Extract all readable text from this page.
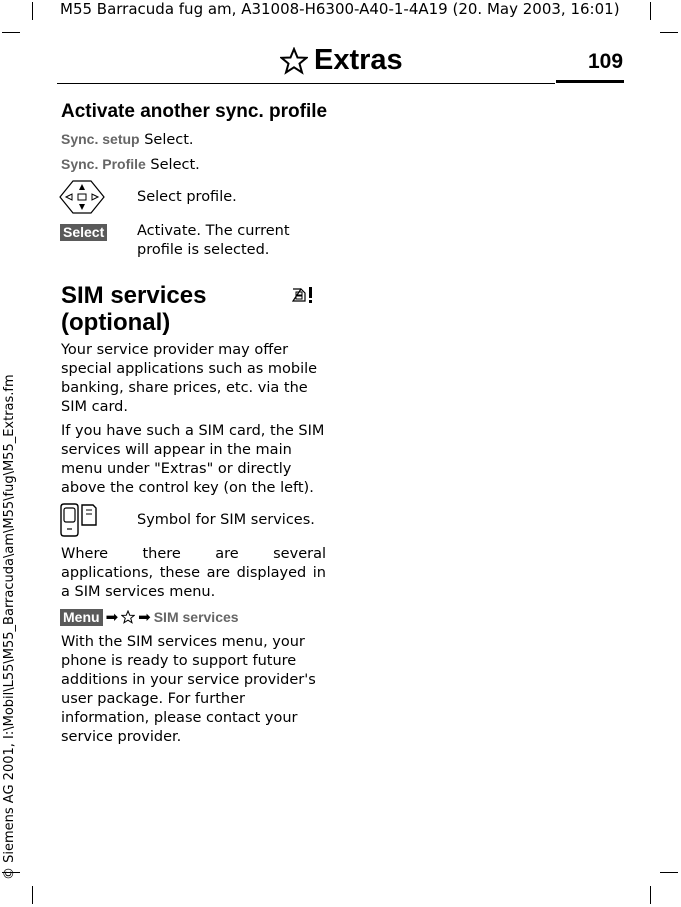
M55 Barracuda fug am, A31008-H6300-A40-1-4A19 (20. May 2003, 16:01)
Extras	109
© Siemens AG 2001, I:\Mobil\L55\M55_Barracuda\am\M55\fug\M55_Extras.fm
Activate another sync. profile
Sync. setup Select.
Sync. Profile Select.
Select profile.
Select Activate. The current profile is selected.
SIM services
(optional)
Your service provider may offer special applications such as mobile banking, share prices, etc. via the SIM card.
If you have such a SIM card, the SIM services will appear in the main menu under "Extras" or directly above the control key (on the left).
Symbol for SIM services.
Where there are several applications, these are displayed in a SIM services menu.
Menu ➡ ➡ SIM services
With the SIM services menu, your phone is ready to support future additions in your service provider's user package. For further information, please contact your service provider.
